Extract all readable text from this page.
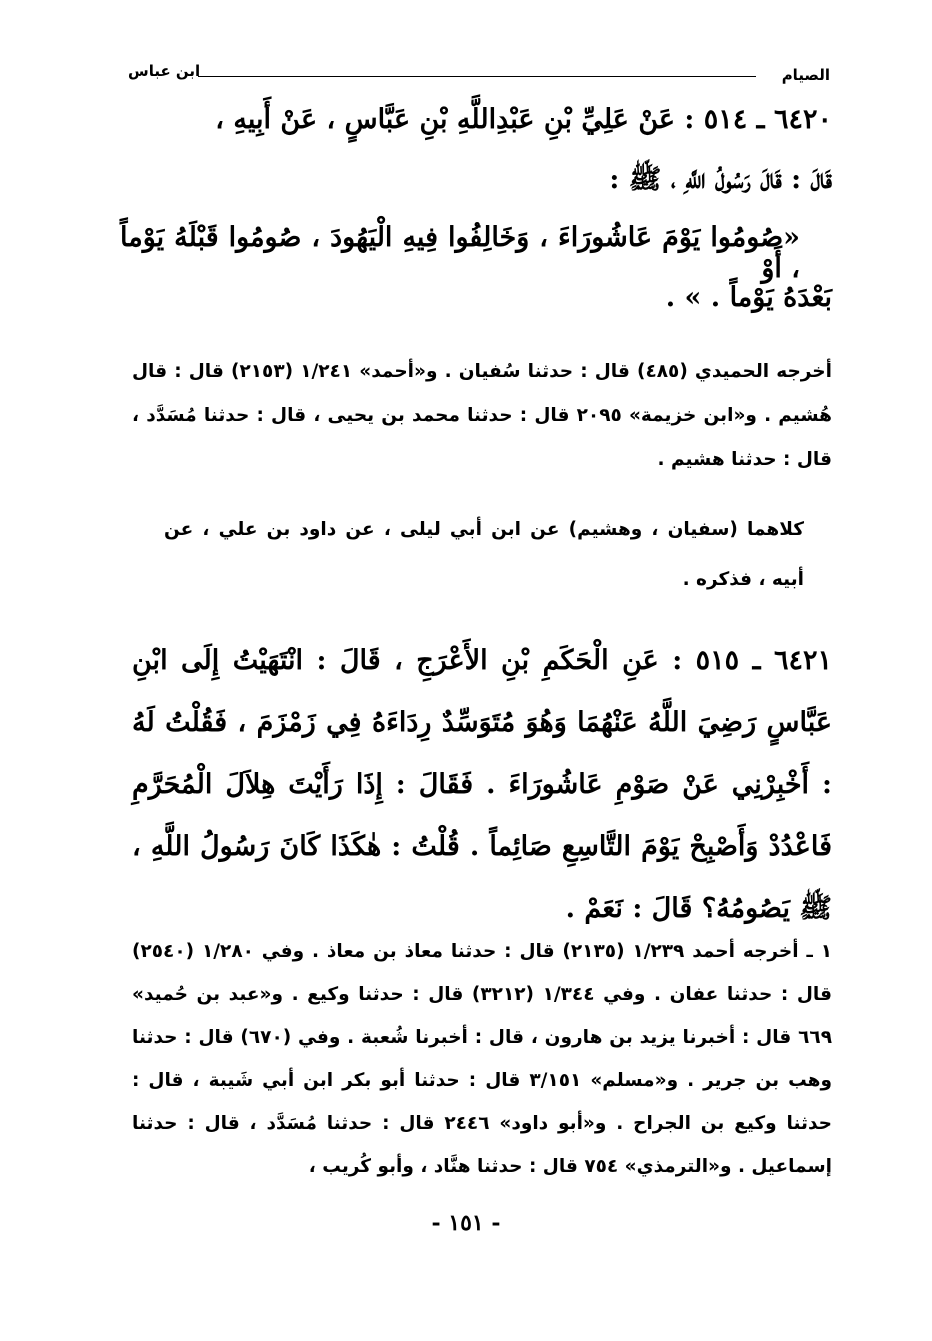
الصيام
ابن عباس
٦٤٢٠ ـ ٥١٤ : عَنْ عَلِيِّ بْنِ عَبْدِاللَّهِ بْنِ عَبَّاسٍ ، عَنْ أَبِيهِ ،
قَالَ : قَالَ رَسُولُ اللَّهِ ، ﷺ :
«صُومُوا يَوْمَ عَاشُورَاءَ ، وَخَالِفُوا فِيهِ الْيَهُودَ ، صُومُوا قَبْلَهُ يَوْماً ، أَوْ
بَعْدَهُ يَوْماً . » .
أخرجه الحميدي (٤٨٥) قال : حدثنا سُفيان . و«أحمد» ١/٢٤١ (٢١٥٣) قال : قال هُشيم . و«ابن خزيمة» ٢٠٩٥ قال : حدثنا محمد بن يحيى ، قال : حدثنا مُسَدَّد ، قال : حدثنا هشيم .
كلاهما (سفيان ، وهشيم) عن ابن أبي ليلى ، عن داود بن علي ، عن أبيه ، فذكره .
٦٤٢١ ـ ٥١٥ : عَنِ الْحَكَمِ بْنِ الأَعْرَجِ ، قَالَ : انْتَهَيْتُ إِلَى ابْنِ عَبَّاسٍ رَضِيَ اللَّهُ عَنْهُمَا وَهُوَ مُتَوَسِّدٌ رِدَاءَهُ فِي زَمْزَمَ ، فَقُلْتُ لَهُ : أَخْبِرْنِي عَنْ صَوْمِ عَاشُورَاءَ . فَقَالَ : إِذَا رَأَيْتَ هِلاَلَ الْمُحَرَّمِ فَاعْدُدْ وَأَصْبِحْ يَوْمَ التَّاسِعِ صَائِماً . قُلْتُ : هٰكَذَا كَانَ رَسُولُ اللَّهِ ، ﷺ يَصُومُهُ؟ قَالَ : نَعَمْ .
١ ـ أخرجه أحمد ١/٢٣٩ (٢١٣٥) قال : حدثنا معاذ بن معاذ . وفي ١/٢٨٠ (٢٥٤٠) قال : حدثنا عفان . وفي ١/٣٤٤ (٣٢١٢) قال : حدثنا وكيع . و«عبد بن حُميد» ٦٦٩ قال : أخبرنا يزيد بن هارون ، قال : أخبرنا شُعبة . وفي (٦٧٠) قال : حدثنا وهب بن جرير . و«مسلم» ٣/١٥١ قال : حدثنا أبو بكر ابن أبي شَيبة ، قال : حدثنا وكيع بن الجراح . و«أبو داود» ٢٤٤٦ قال : حدثنا مُسَدَّد ، قال : حدثنا إسماعيل . و«الترمذي» ٧٥٤ قال : حدثنا هنَّاد ، وأبو كُريب ،
- ١٥١ -
